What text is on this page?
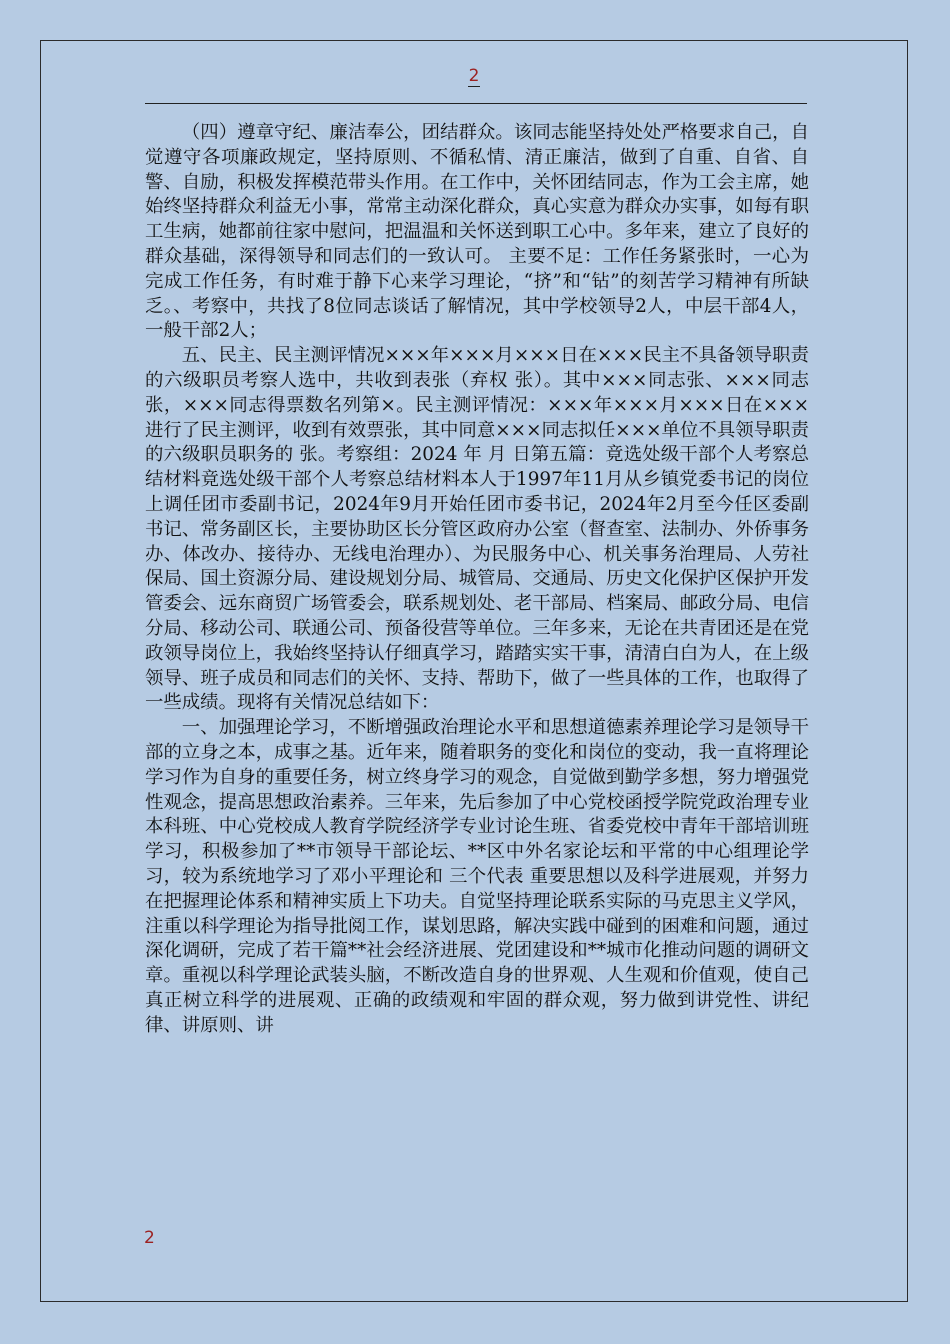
2

（四）遵章守纪、廉洁奉公，团结群众。该同志能坚持处处严格要求自己，自觉遵守各项廉政规定，坚持原则、不循私情、清正廉洁，做到了自重、自省、自警、自励，积极发挥模范带头作用。在工作中，关怀团结同志，作为工会主席，她始终坚持群众利益无小事，常常主动深化群众，真心实意为群众办实事，如每有职工生病，她都前往家中慰问，把温温和关怀送到职工心中。多年来，建立了良好的群众基础，深得领导和同志们的一致认可。 主要不足：工作任务紧张时，一心为完成工作任务，有时难于静下心来学习理论，“挤”和“钻”的刻苦学习精神有所缺乏。、考察中，共找了8位同志谈话了解情况，其中学校领导2人，中层干部4人，一般干部2人；

五、民主、民主测评情况×××年×××月×××日在×××民主不具备领导职责的六级职员考察人选中，共收到表张（弃权 张）。其中×××同志张、×××同志 张，×××同志得票数名列第×。民主测评情况：×××年×××月×××日在×××进行了民主测评，收到有效票张，其中同意×××同志拟任×××单位不具领导职责的六级职员职务的 张。考察组：2024 年 月 日第五篇：竟选处级干部个人考察总结材料竟选处级干部个人考察总结材料本人于1997年11月从乡镇党委书记的岗位上调任团市委副书记，2024年9月开始任团市委书记，2024年2月至今任区委副书记、常务副区长，主要协助区长分管区政府办公室（督查室、法制办、外侨事务办、体改办、接待办、无线电治理办）、为民服务中心、机关事务治理局、人劳社保局、国土资源分局、建设规划分局、城管局、交通局、历史文化保护区保护开发管委会、远东商贸广场管委会，联系规划处、老干部局、档案局、邮政分局、电信分局、移动公司、联通公司、预备役营等单位。三年多来，无论在共青团还是在党政领导岗位上，我始终坚持认仔细真学习，踏踏实实干事，清清白白为人，在上级领导、班子成员和同志们的关怀、支持、帮助下，做了一些具体的工作，也取得了一些成绩。现将有关情况总结如下：

一、加强理论学习，不断增强政治理论水平和思想道德素养理论学习是领导干部的立身之本，成事之基。近年来，随着职务的变化和岗位的变动，我一直将理论学习作为自身的重要任务，树立终身学习的观念，自觉做到勤学多想，努力增强党性观念，提高思想政治素养。三年来，先后参加了中心党校函授学院党政治理专业本科班、中心党校成人教育学院经济学专业讨论生班、省委党校中青年干部培训班学习，积极参加了**市领导干部论坛、**区中外名家论坛和平常的中心组理论学习，较为系统地学习了邓小平理论和 三个代表 重要思想以及科学进展观，并努力在把握理论体系和精神实质上下功夫。自觉坚持理论联系实际的马克思主义学风，注重以科学理论为指导批阅工作，谋划思路，解决实践中碰到的困难和问题，通过深化调研，完成了若干篇**社会经济进展、党团建设和**城市化推动问题的调研文章。重视以科学理论武装头脑，不断改造自身的世界观、人生观和价值观，使自己真正树立科学的进展观、正确的政绩观和牢固的群众观，努力做到讲党性、讲纪律、讲原则、讲

2
